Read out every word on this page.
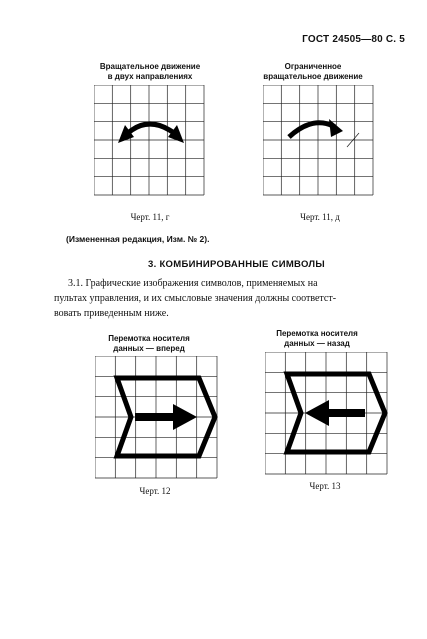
ГОСТ 24505—80 С. 5
Вращательное движение
в двух направлениях
Черт. 11, г
Ограниченное
вращательное движение
Черт. 11, д
(Измененная редакция, Изм. № 2).
3. КОМБИНИРОВАННЫЕ СИМВОЛЫ
3.1. Графические изображения символов, применяемых на
пультах управления, и их смысловые значения должны соответст-
вовать приведенным ниже.
Перемотка носителя
данных — вперед
Черт. 12
Перемотка носителя
данных — назад
Черт. 13
